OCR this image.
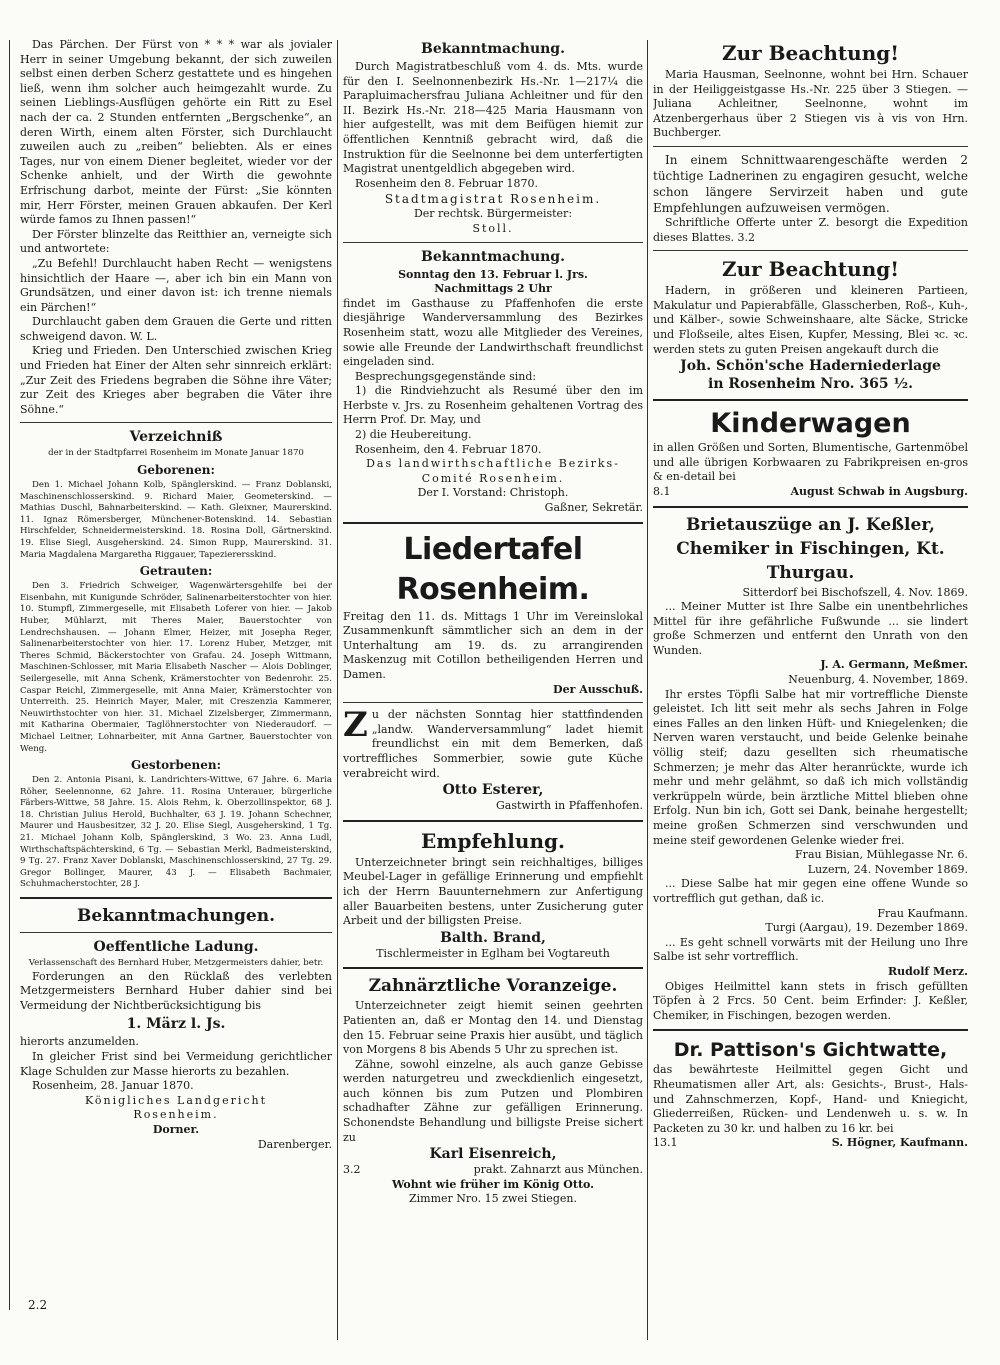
Das Pärchen. Der Fürst von * * * war als jovialer Herr in seiner Umgebung bekannt, der sich zuweilen selbst einen derben Scherz gestattete und es hingehen ließ, wenn ihm solcher auch heimgezahlt wurde. Zu seinen Lieblings-Ausflügen gehörte ein Ritt zu Esel nach der ca. 2 Stunden entfernten „Bergschenke“, an deren Wirth, einem alten Förster, sich Durchlaucht zuweilen auch zu „reiben“ beliebten. Als er eines Tages, nur von einem Diener begleitet, wieder vor der Schenke anhielt, und der Wirth die gewohnte Erfrischung darbot, meinte der Fürst: „Sie könnten mir, Herr Förster, meinen Grauen abkaufen. Der Kerl würde famos zu Ihnen passen!“

Der Förster blinzelte das Reitthier an, verneigte sich und antwortete:

„Zu Befehl! Durchlaucht haben Recht — wenigstens hinsichtlich der Haare —, aber ich bin ein Mann von Grundsätzen, und einer davon ist: ich trenne niemals ein Pärchen!“

Durchlaucht gaben dem Grauen die Gerte und ritten schweigend davon. W. L.

Krieg und Frieden. Den Unterschied zwischen Krieg und Frieden hat Einer der Alten sehr sinnreich erklärt: „Zur Zeit des Friedens begraben die Söhne ihre Väter; zur Zeit des Krieges aber begraben die Väter ihre Söhne.“

Verzeichniß

der in der Stadtpfarrei Rosenheim im Monate Januar 1870

Geborenen:

Den 1. Michael Johann Kolb, Spänglerskind. — Franz Doblanski, Maschinenschlosserskind. 9. Richard Maier, Geometerskind. — Mathias Duschl, Bahnarbeiterskind. — Kath. Gleixner, Maurerskind. 11. Ignaz Römersberger, Münchener-Botenskind. 14. Sebastian Hirschfelder, Schneidermeisterskind. 18. Rosina Doll, Gärtnerskind. 19. Elise Siegl, Ausgeherskind. 24. Simon Rupp, Maurerskind. 31. Maria Magdalena Margaretha Riggauer, Tapezierersskind.

Getrauten:

Den 3. Friedrich Schweiger, Wagenwärtersgehilfe bei der Eisenbahn, mit Kunigunde Schröder, Salinenarbeiterstochter von hier. 10. Stumpfl, Zimmergeselle, mit Elisabeth Loferer von hier. — Jakob Huber, Mühlarzt, mit Theres Maier, Bauerstochter von Lendrechshausen. — Johann Elmer, Heizer, mit Josepha Reger, Salinenarbeiterstochter von hier. 17. Lorenz Huber, Metzger, mit Theres Schmid, Bäckerstochter von Grafau. 24. Joseph Wittmann, Maschinen-Schlosser, mit Maria Elisabeth Nascher — Alois Doblinger, Seilergeselle, mit Anna Schenk, Krämerstochter von Bedenrohr. 25. Caspar Reichl, Zimmergeselle, mit Anna Maier, Krämerstochter von Unterreith. 25. Heinrich Mayer, Maler, mit Creszenzia Kammerer, Neuwirthstochter von hier. 31. Michael Zizelsberger, Zimmermann, mit Katharina Obermaier, Taglöhnerstochter von Niederaudorf. — Michael Leitner, Lohnarbeiter, mit Anna Gartner, Bauerstochter von Weng.

Gestorbenen:

Den 2. Antonia Pisani, k. Landrichters-Wittwe, 67 Jahre. 6. Maria Röher, Seelennonne, 62 Jahre. 11. Rosina Unterauer, bürgerliche Färbers-Wittwe, 58 Jahre. 15. Alois Rehm, k. Oberzollinspektor, 68 J. 18. Christian Julius Herold, Buchhalter, 63 J. 19. Johann Schechner, Maurer und Hausbesitzer, 32 J. 20. Elise Siegl, Ausgeherskind, 1 Tg. 21. Michael Johann Kolb, Spänglerskind, 3 Wo. 23. Anna Ludl, Wirthschaftspächterskind, 6 Tg. — Sebastian Merkl, Badmeisterskind, 9 Tg. 27. Franz Xaver Doblanski, Maschinenschlosserskind, 27 Tg. 29. Gregor Bollinger, Maurer, 43 J. — Elisabeth Bachmaier, Schuhmacherstochter, 28 J.

Bekanntmachungen.

Oeffentliche Ladung.

Verlassenschaft des Bernhard Huber, Metzgermeisters dahier, betr.

Forderungen an den Rücklaß des verlebten Metzgermeisters Bernhard Huber dahier sind bei Vermeidung der Nichtberücksichtigung bis

1. März l. Js.

hierorts anzumelden.

In gleicher Frist sind bei Vermeidung gerichtlicher Klage Schulden zur Masse hierorts zu bezahlen.

Rosenheim, 28. Januar 1870.

Königliches Landgericht

Rosenheim.

Dorner.

Darenberger.

2.2

Bekanntmachung.

Durch Magistratbeschluß vom 4. ds. Mts. wurde für den I. Seelnonnenbezirk Hs.-Nr. 1—217¼ die Parapluimachersfrau Juliana Achleitner und für den II. Bezirk Hs.-Nr. 218—425 Maria Hausmann von hier aufgestellt, was mit dem Beifügen hiemit zur öffentlichen Kenntniß gebracht wird, daß die Instruktion für die Seelnonne bei dem unterfertigten Magistrat unentgeldlich abgegeben wird.

Rosenheim den 8. Februar 1870.

Stadtmagistrat Rosenheim.

Der rechtsk. Bürgermeister:

Stoll.

Bekanntmachung.

Sonntag den 13. Februar l. Jrs.

Nachmittags 2 Uhr

findet im Gasthause zu Pfaffenhofen die erste diesjährige Wanderversammlung des Bezirkes Rosenheim statt, wozu alle Mitglieder des Vereines, sowie alle Freunde der Landwirthschaft freundlichst eingeladen sind.

Besprechungsgegenstände sind:

1) die Rindviehzucht als Resumé über den im Herbste v. Jrs. zu Rosenheim gehaltenen Vortrag des Herrn Prof. Dr. May, und

2) die Heubereitung.

Rosenheim, den 4. Februar 1870.

Das landwirthschaftliche Bezirks-

Comité Rosenheim.

Der I. Vorstand: Christoph.

Gaßner, Sekretär.

Liedertafel Rosenheim.

Freitag den 11. ds. Mittags 1 Uhr im Vereinslokal Zusammenkunft sämmtlicher sich an dem in der Unterhaltung am 19. ds. zu arrangirenden Maskenzug mit Cotillon betheiligenden Herren und Damen.

Der Ausschuß.

Zu der nächsten Sonntag hier stattfindenden „landw. Wanderversammlung“ ladet hiemit freundlichst ein mit dem Bemerken, daß vortreffliches Sommerbier, sowie gute Küche verabreicht wird.

Otto Esterer,

Gastwirth in Pfaffenhofen.

Empfehlung.

Unterzeichneter bringt sein reichhaltiges, billiges Meubel-Lager in gefällige Erinnerung und empfiehlt ich der Herrn Bauunternehmern zur Anfertigung aller Bauarbeiten bestens, unter Zusicherung guter Arbeit und der billigsten Preise.

Balth. Brand,

Tischlermeister in Eglham bei Vogtareuth

Zahnärztliche Voranzeige.

Unterzeichneter zeigt hiemit seinen geehrten Patienten an, daß er Montag den 14. und Dienstag den 15. Februar seine Praxis hier ausübt, und täglich von Morgens 8 bis Abends 5 Uhr zu sprechen ist.

Zähne, sowohl einzelne, als auch ganze Gebisse werden naturgetreu und zweckdienlich eingesetzt, auch können bis zum Putzen und Plombiren schadhafter Zähne zur gefälligen Erinnerung. Schonendste Behandlung und billigste Preise sichert zu

Karl Eisenreich,

3.2	prakt. Zahnarzt aus München.

Wohnt wie früher im König Otto.

Zimmer Nro. 15 zwei Stiegen.

Zur Beachtung!

Maria Hausman, Seelnonne, wohnt bei Hrn. Schauer in der Heiliggeistgasse Hs.-Nr. 225 über 3 Stiegen. — Juliana Achleitner, Seelnonne, wohnt im Atzenbergerhaus über 2 Stiegen vis à vis von Hrn. Buchberger.

In einem Schnittwaarengeschäfte werden 2 tüchtige Ladnerinen zu engagiren gesucht, welche schon längere Servirzeit haben und gute Empfehlungen aufzuweisen vermögen.

Schriftliche Offerte unter Z. besorgt die Expedition dieses Blattes. 3.2

Zur Beachtung!

Hadern, in größeren und kleineren Partieen, Makulatur und Papierabfälle, Glasscherben, Roß-, Kuh-, und Kälber-, sowie Schweinshaare, alte Säcke, Stricke und Floßseile, altes Eisen, Kupfer, Messing, Blei ꝛc. ꝛc. werden stets zu guten Preisen angekauft durch die

Joh. Schön'sche Haderniederlage

in Rosenheim Nro. 365 ½.

Kinderwagen

in allen Größen und Sorten, Blumentische, Gartenmöbel und alle übrigen Korbwaaren zu Fabrikpreisen en-gros & en-detail bei

8.1	August Schwab in Augsburg.

Brietauszüge an J. Keßler,

Chemiker in Fischingen, Kt.

Thurgau.

Sitterdorf bei Bischofszell, 4. Nov. 1869.

... Meiner Mutter ist Ihre Salbe ein unentbehrliches Mittel für ihre gefährliche Fußwunde ... sie lindert große Schmerzen und entfernt den Unrath von den Wunden.

J. A. Germann, Meßmer.

Neuenburg, 4. November, 1869.

Ihr erstes Töpfli Salbe hat mir vortreffliche Dienste geleistet. Ich litt seit mehr als sechs Jahren in Folge eines Falles an den linken Hüft- und Kniegelenken; die Nerven waren verstaucht, und beide Gelenke beinahe völlig steif; dazu gesellten sich rheumatische Schmerzen; je mehr das Alter heranrückte, wurde ich mehr und mehr gelähmt, so daß ich mich vollständig verkrüppeln würde, bein ärztliche Mittel blieben ohne Erfolg. Nun bin ich, Gott sei Dank, beinahe hergestellt; meine großen Schmerzen sind verschwunden und meine steif gewordenen Gelenke wieder frei.

Frau Bisian, Mühlegasse Nr. 6.

Luzern, 24. November 1869.

... Diese Salbe hat mir gegen eine offene Wunde so vortrefflich gut gethan, daß ic.

Frau Kaufmann.

Turgi (Aargau), 19. Dezember 1869.

... Es geht schnell vorwärts mit der Heilung uno Ihre Salbe ist sehr vortrefflich.

Rudolf Merz.

Obiges Heilmittel kann stets in frisch gefüllten Töpfen à 2 Frcs. 50 Cent. beim Erfinder: J. Keßler, Chemiker, in Fischingen, bezogen werden.

Dr. Pattison's Gichtwatte,

das bewährteste Heilmittel gegen Gicht und Rheumatismen aller Art, als: Gesichts-, Brust-, Hals- und Zahnschmerzen, Kopf-, Hand- und Kniegicht, Gliederreißen, Rücken- und Lendenweh u. s. w. In Packeten zu 30 kr. und halben zu 16 kr. bei

13.1	S. Högner, Kaufmann.
